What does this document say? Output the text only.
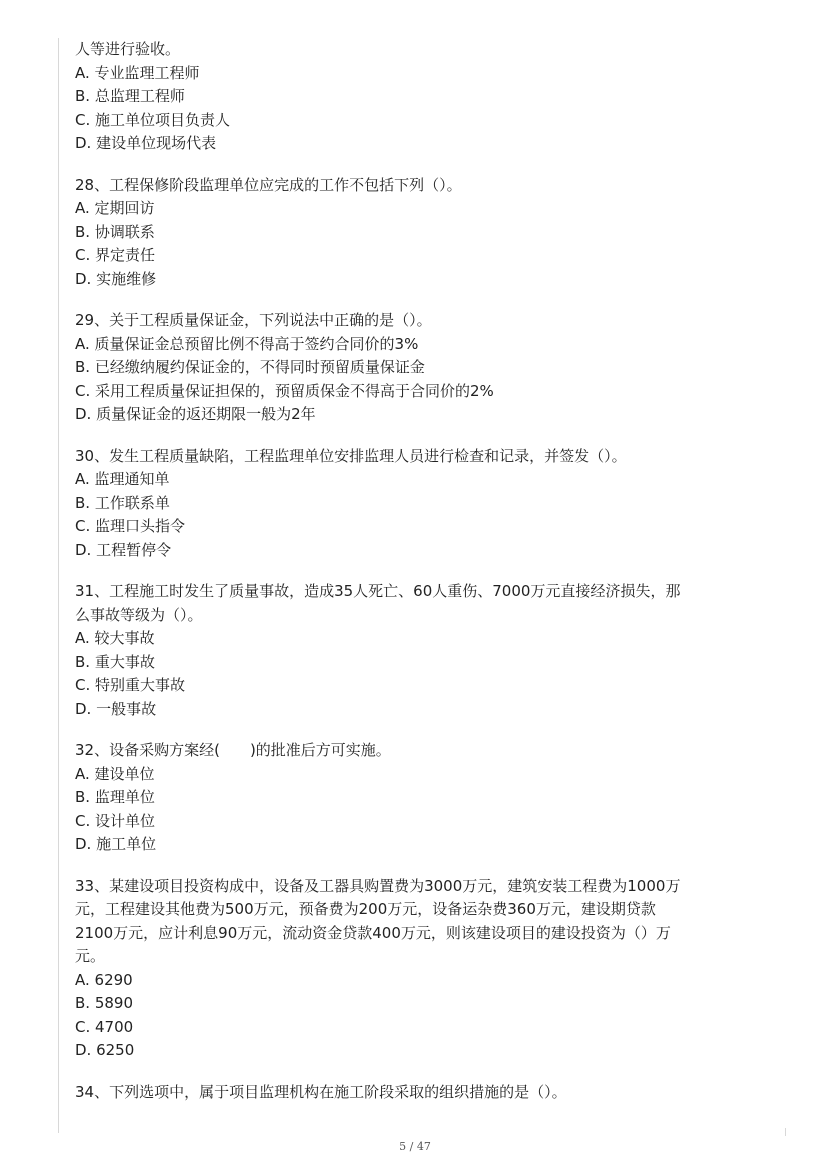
人等进行验收。
A. 专业监理工程师
B. 总监理工程师
C. 施工单位项目负责人
D. 建设单位现场代表
28、工程保修阶段监理单位应完成的工作不包括下列（）。
A. 定期回访
B. 协调联系
C. 界定责任
D. 实施维修
29、关于工程质量保证金，下列说法中正确的是（）。
A. 质量保证金总预留比例不得高于签约合同价的3%
B. 已经缴纳履约保证金的，不得同时预留质量保证金
C. 采用工程质量保证担保的，预留质保金不得高于合同价的2%
D. 质量保证金的返还期限一般为2年
30、发生工程质量缺陷，工程监理单位安排监理人员进行检查和记录，并签发（）。
A. 监理通知单
B. 工作联系单
C. 监理口头指令
D. 工程暂停令
31、工程施工时发生了质量事故，造成35人死亡、60人重伤、7000万元直接经济损失，那
么事故等级为（）。
A. 较大事故
B. 重大事故
C. 特别重大事故
D. 一般事故
32、设备采购方案经(　　)的批准后方可实施。
A. 建设单位
B. 监理单位
C. 设计单位
D. 施工单位
33、某建设项目投资构成中，设备及工器具购置费为3000万元，建筑安装工程费为1000万
元，工程建设其他费为500万元，预备费为200万元，设备运杂费360万元，建设期贷款
2100万元，应计利息90万元，流动资金贷款400万元，则该建设项目的建设投资为（）万
元。
A. 6290
B. 5890
C. 4700
D. 6250
34、下列选项中，属于项目监理机构在施工阶段采取的组织措施的是（）。
5 / 47
